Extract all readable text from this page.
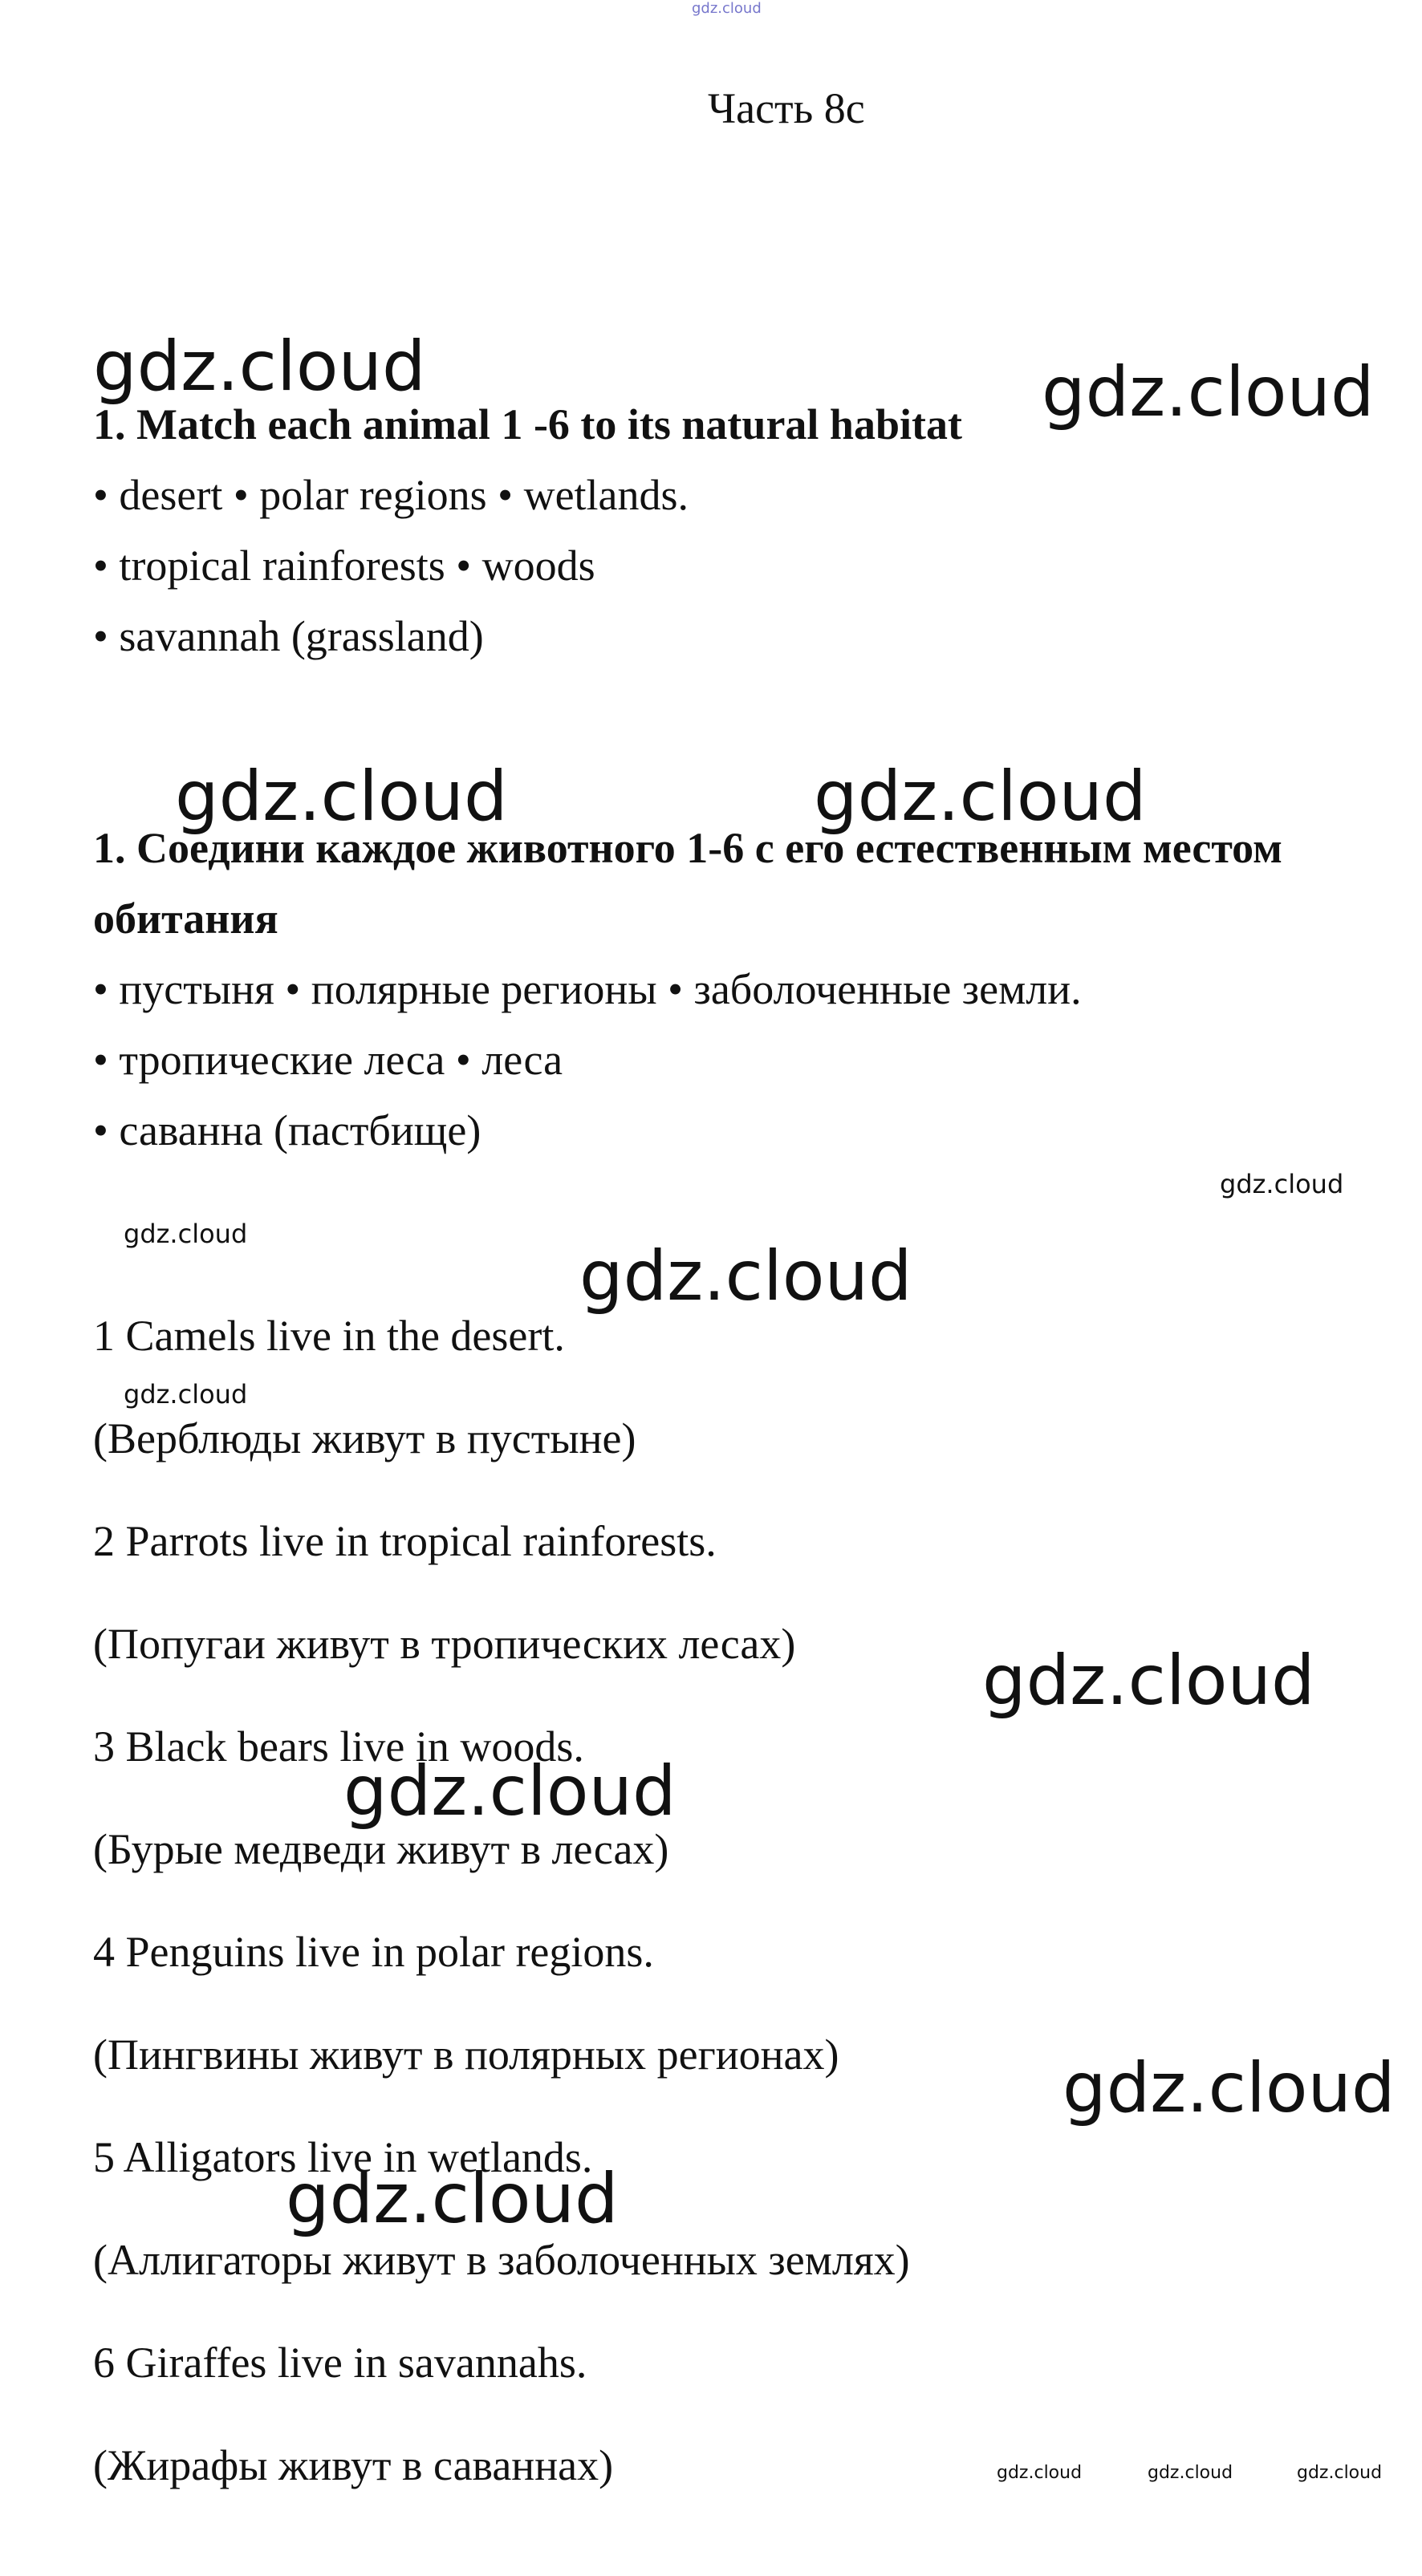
gdz.cloud
Часть 8с
1. Match each animal 1 -6 to its natural habitat
• desert • polar regions • wetlands.
• tropical rainforests • woods
• savannah (grassland)
1. Соедини каждое животного 1-6 с его естественным местом
обитания
• пустыня • полярные регионы • заболоченные земли.
• тропические леса • леса
• саванна (пастбище)
1 Camels live in the desert.
(Верблюды живут в пустыне)
2 Parrots live in tropical rainforests.
(Попугаи живут в тропических лесах)
3 Black bears live in woods.
(Бурые медведи живут в лесах)
4 Penguins live in polar regions.
(Пингвины живут в полярных регионах)
5 Alligators live in wetlands.
(Аллигаторы живут в заболоченных землях)
6 Giraffes live in savannahs.
(Жирафы живут в саваннах)
gdz.cloud	gdz.cloud
gdz.cloud	gdz.cloud
gdz.cloud
gdz.cloud
gdz.cloud
gdz.cloud
gdz.cloud
gdz.cloud
gdz.cloud
gdz.cloud
gdz.cloud	gdz.cloud	gdz.cloud
